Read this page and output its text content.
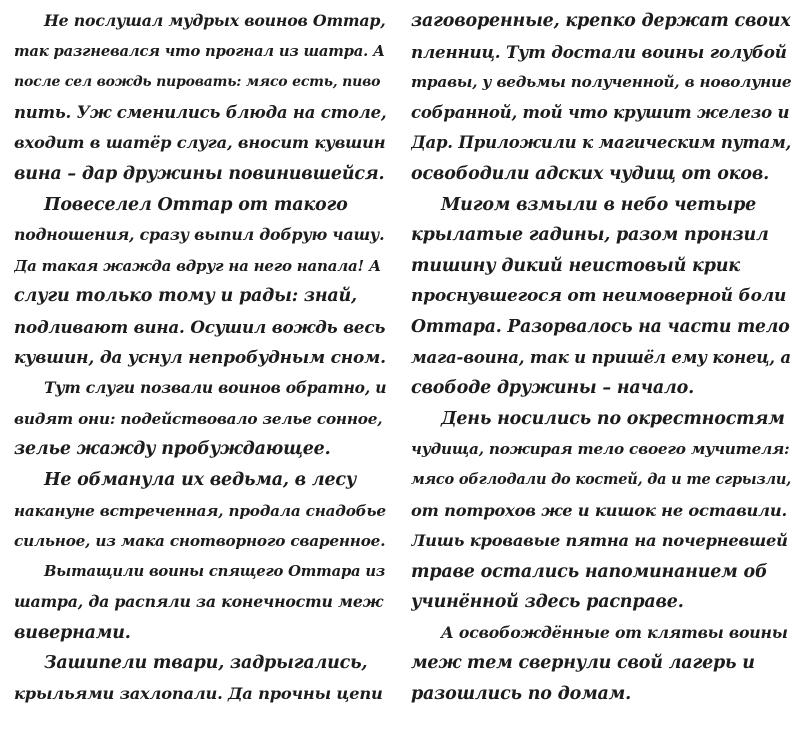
Не послушал мудрых воинов Оттар,
так разгневался что прогнал из шатра. А
после сел вождь пировать: мясо есть, пиво
пить. Уж сменились блюда на столе,
входит в шатёр слуга, вносит кувшин
вина – дар дружины повинившейся.
Повеселел Оттар от такого
подношения, сразу выпил добрую чашу.
Да такая жажда вдруг на него напала! А
слуги только тому и рады: знай,
подливают вина. Осушил вождь весь
кувшин, да уснул непробудным сном.
Тут слуги позвали воинов обратно, и
видят они: подействовало зелье сонное,
зелье жажду пробуждающее.
Не обманула их ведьма, в лесу
накануне встреченная, продала снадобье
сильное, из мака снотворного сваренное.
Вытащили воины спящего Оттара из
шатра, да распяли за конечности меж
вивернами.
Зашипели твари, задрыгались,
крыльями захлопали. Да прочны цепи
заговоренные, крепко держат своих
пленниц. Тут достали воины голубой
травы, у ведьмы полученной, в новолуние
собранной, той что крушит железо и
Дар. Приложили к магическим путам,
освободили адских чудищ от оков.
Мигом взмыли в небо четыре
крылатые гадины, разом пронзил
тишину дикий неистовый крик
проснувшегося от неимоверной боли
Оттара. Разорвалось на части тело
мага-воина, так и пришёл ему конец, а
свободе дружины – начало.
День носились по окрестностям
чудища, пожирая тело своего мучителя:
мясо обглодали до костей, да и те сгрызли,
от потрохов же и кишок не оставили.
Лишь кровавые пятна на почерневшей
траве остались напоминанием об
учинённой здесь расправе.
А освобождённые от клятвы воины
меж тем свернули свой лагерь и
разошлись по домам.
